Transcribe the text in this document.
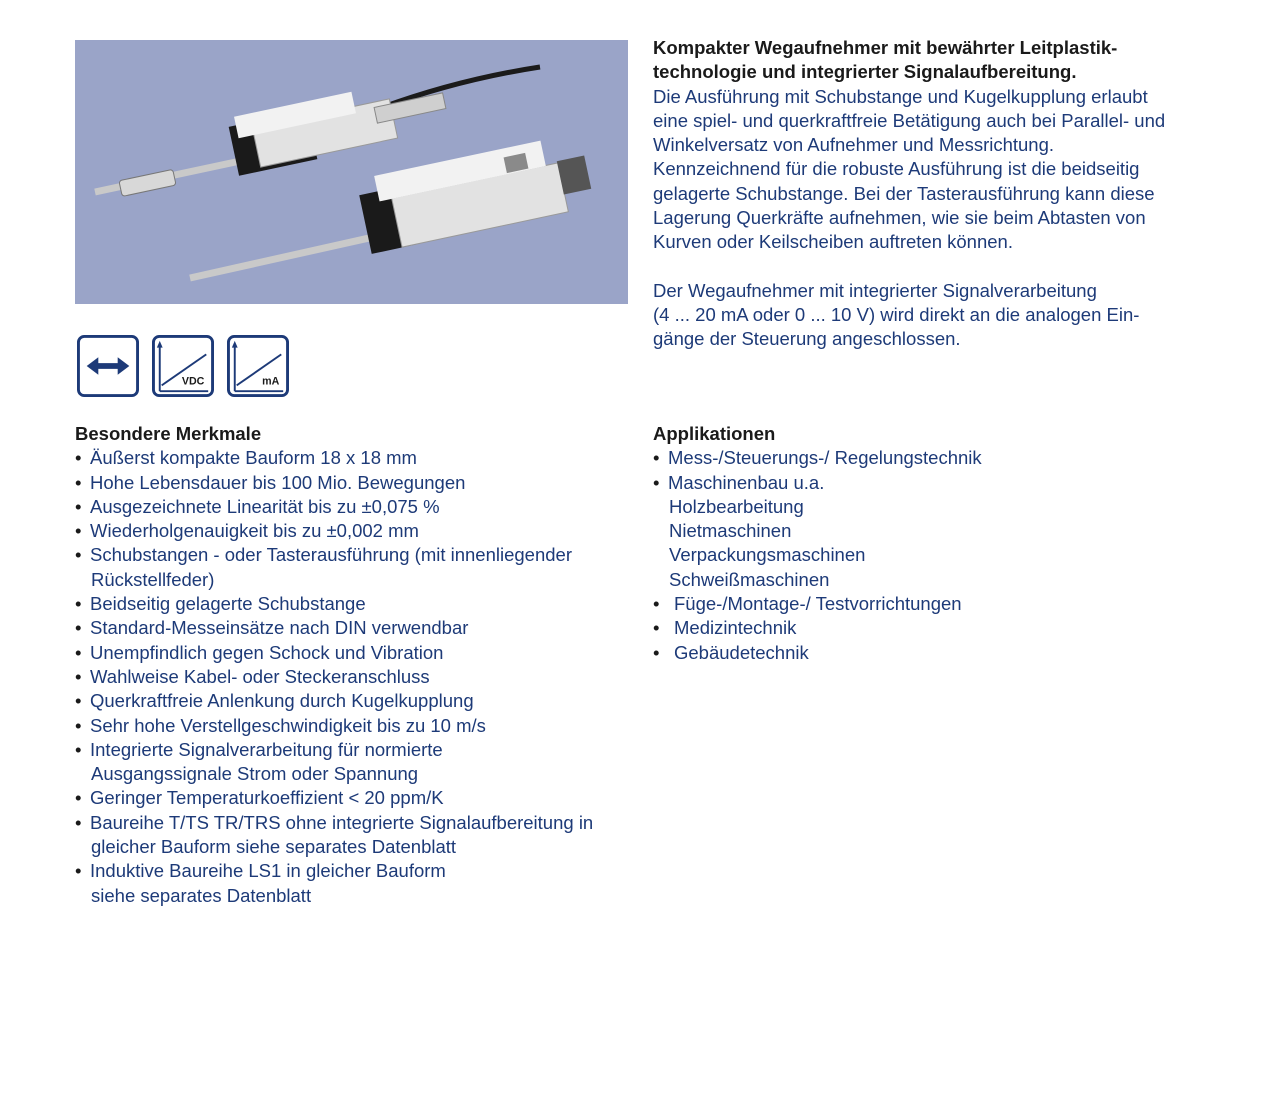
VDC	mA

Kompakter Wegaufnehmer mit bewährter Leitplastik-
technologie und integrierter Signalaufbereitung.

Die Ausführung mit Schubstange und Kugelkupplung erlaubt
eine spiel- und querkraftfreie Betätigung auch bei Parallel- und
Winkelversatz von Aufnehmer und Messrichtung.
Kennzeichnend für die robuste Ausführung ist die beidseitig
gelagerte Schubstange. Bei der Tasterausführung kann diese
Lagerung Querkräfte aufnehmen, wie sie beim Abtasten von
Kurven oder Keilscheiben auftreten können.

Der Wegaufnehmer mit integrierter Signalverarbeitung
(4 ... 20 mA oder 0 ... 10 V) wird direkt an die analogen Ein-
gänge der Steuerung angeschlossen.

Besondere Merkmale

• Äußerst kompakte Bauform 18 x 18 mm
• Hohe Lebensdauer bis 100 Mio. Bewegungen
• Ausgezeichnete Linearität bis zu ±0,075 %
• Wiederholgenauigkeit bis zu ±0,002 mm
• Schubstangen - oder Tasterausführung (mit innenliegender
Rückstellfeder)
• Beidseitig gelagerte Schubstange
• Standard-Messeinsätze nach DIN verwendbar
• Unempfindlich gegen Schock und Vibration
• Wahlweise Kabel- oder Steckeranschluss
• Querkraftfreie Anlenkung durch Kugelkupplung
• Sehr hohe Verstellgeschwindigkeit bis zu 10 m/s
• Integrierte Signalverarbeitung für normierte
Ausgangssignale Strom oder Spannung
• Geringer Temperaturkoeffizient < 20 ppm/K
• Baureihe T/TS TR/TRS ohne integrierte Signalaufbereitung in
gleicher Bauform siehe separates Datenblatt
• Induktive Baureihe LS1 in gleicher Bauform
siehe separates Datenblatt

Applikationen

• Mess-/Steuerungs-/ Regelungstechnik
• Maschinenbau u.a.
Holzbearbeitung
Nietmaschinen
Verpackungsmaschinen
Schweißmaschinen
• Füge-/Montage-/ Testvorrichtungen
• Medizintechnik
• Gebäudetechnik
